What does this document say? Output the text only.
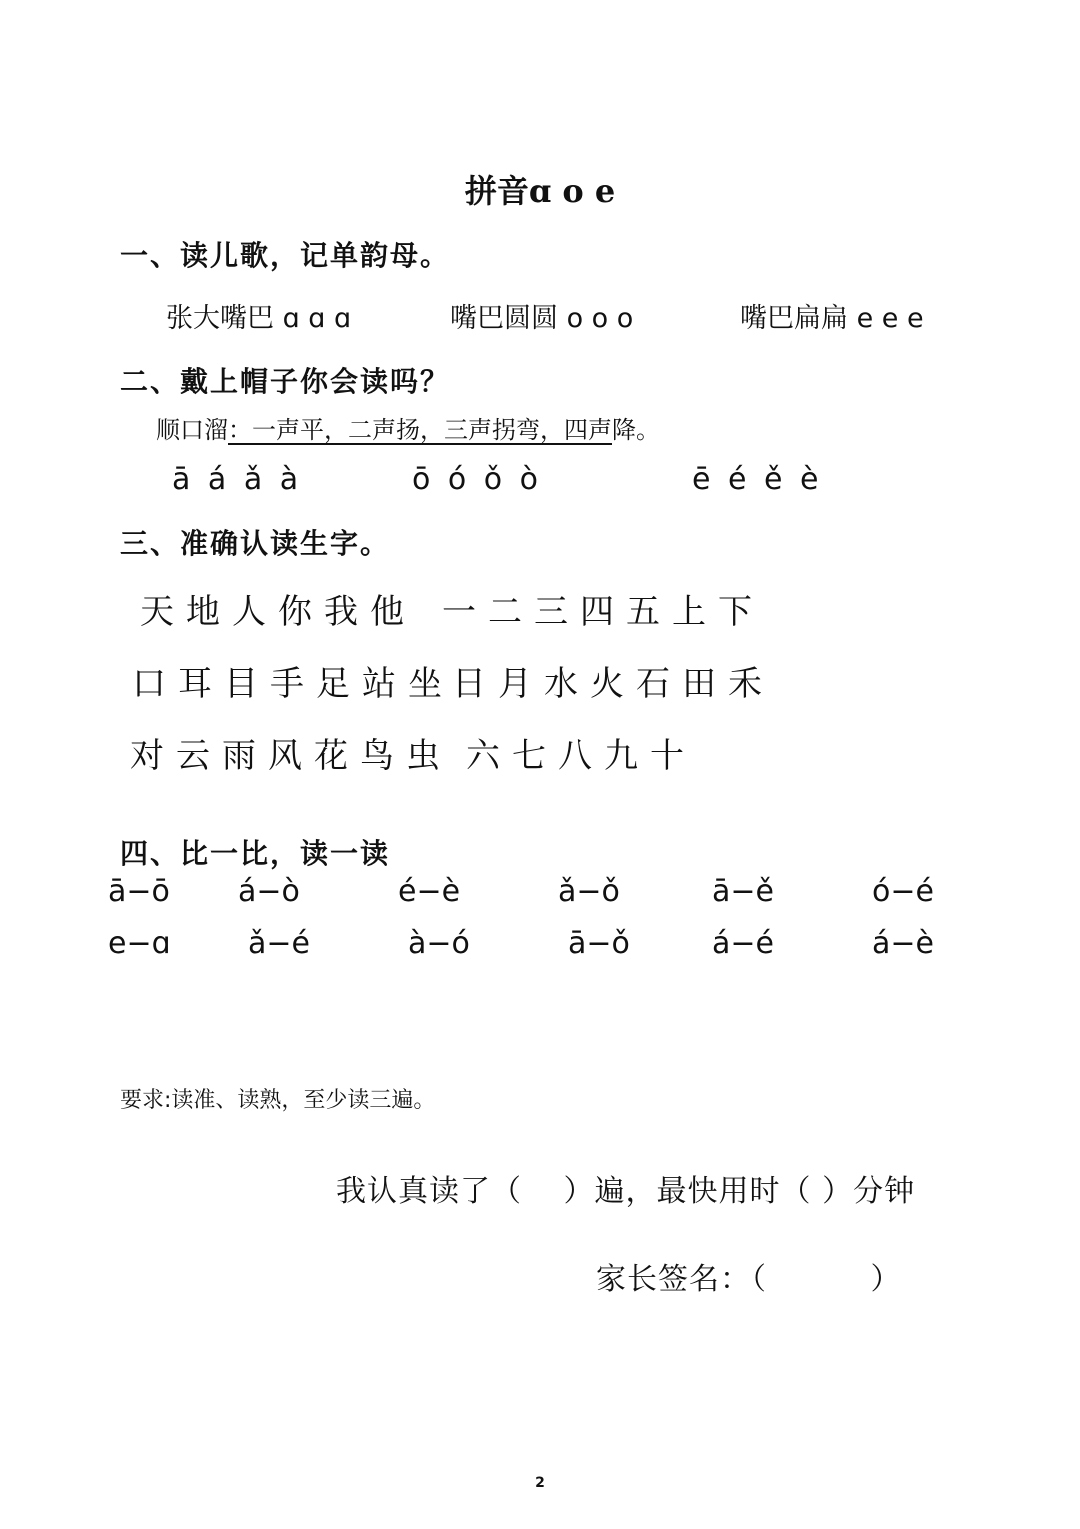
拼音ɑ o e
一、读儿歌，记单韵母。
张大嘴巴 ɑ ɑ ɑ	嘴巴圆圆 o o o	嘴巴扁扁 e e e
二、戴上帽子你会读吗？
顺口溜：一声平，二声扬，三声拐弯，四声降。
ā á ǎ à	ō ó ǒ ò	ē é ě è
三、准确认读生字。
天地人你我他 一二三四五上下
口耳目手足站坐
日月水火石田禾
对云雨风花鸟虫 六七八九十
四、比一比，读一读
ā−ō á−ò	é−è	ǎ−ǒ	ā−ě	ó−é
e−ɑ	ǎ−é	à−ó	ā−ǒ	á−é	á−è
要求:读准、读熟，至少读三遍。
我认真读了（　 ）遍，最快用时（ ）分钟
家长签名：（　　　 ）
2
